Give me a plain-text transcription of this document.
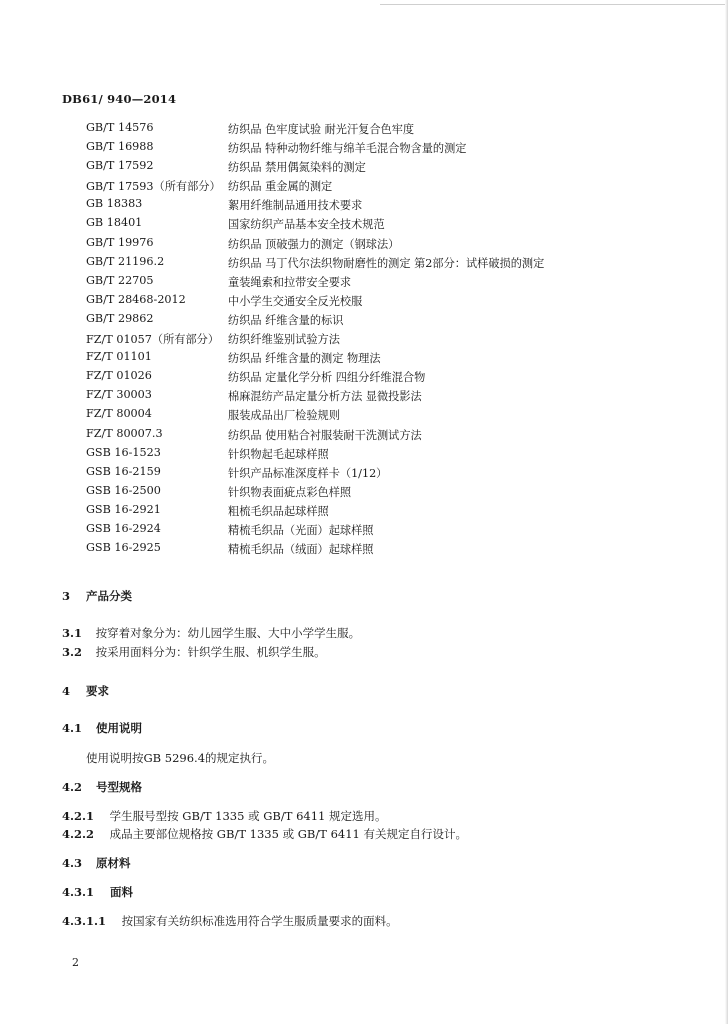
DB61/ 940—2014
GB/T 14576	纺织品 色牢度试验 耐光汗复合色牢度
GB/T 16988	纺织品 特种动物纤维与绵羊毛混合物含量的测定
GB/T 17592	纺织品 禁用偶氮染料的测定
GB/T 17593（所有部分） 纺织品 重金属的测定
GB 18383	絮用纤维制品通用技术要求
GB 18401	国家纺织产品基本安全技术规范
GB/T 19976	纺织品 顶破强力的测定（钢球法）
GB/T 21196.2	纺织品 马丁代尔法织物耐磨性的测定 第2部分：试样破损的测定
GB/T 22705	童装绳索和拉带安全要求
GB/T 28468-2012	中小学生交通安全反光校服
GB/T 29862	纺织品 纤维含量的标识
FZ/T 01057（所有部分） 纺织纤维鉴别试验方法
FZ/T 01101	纺织品 纤维含量的测定 物理法
FZ/T 01026	纺织品 定量化学分析 四组分纤维混合物
FZ/T 30003	棉麻混纺产品定量分析方法 显微投影法
FZ/T 80004	服装成品出厂检验规则
FZ/T 80007.3	纺织品 使用粘合衬服装耐干洗测试方法
GSB 16-1523	针织物起毛起球样照
GSB 16-2159	针织产品标准深度样卡（1/12）
GSB 16-2500	针织物表面疵点彩色样照
GSB 16-2921	粗梳毛织品起球样照
GSB 16-2924	精梳毛织品（光面）起球样照
GSB 16-2925	精梳毛织品（绒面）起球样照
3 产品分类
3.1 按穿着对象分为：幼儿园学生服、大中小学学生服。
3.2 按采用面料分为：针织学生服、机织学生服。
4 要求
4.1 使用说明
使用说明按GB 5296.4的规定执行。
4.2 号型规格
4.2.1 学生服号型按 GB/T 1335 或 GB/T 6411 规定选用。
4.2.2 成品主要部位规格按 GB/T 1335 或 GB/T 6411 有关规定自行设计。
4.3 原材料
4.3.1 面料
4.3.1.1 按国家有关纺织标准选用符合学生服质量要求的面料。
2
